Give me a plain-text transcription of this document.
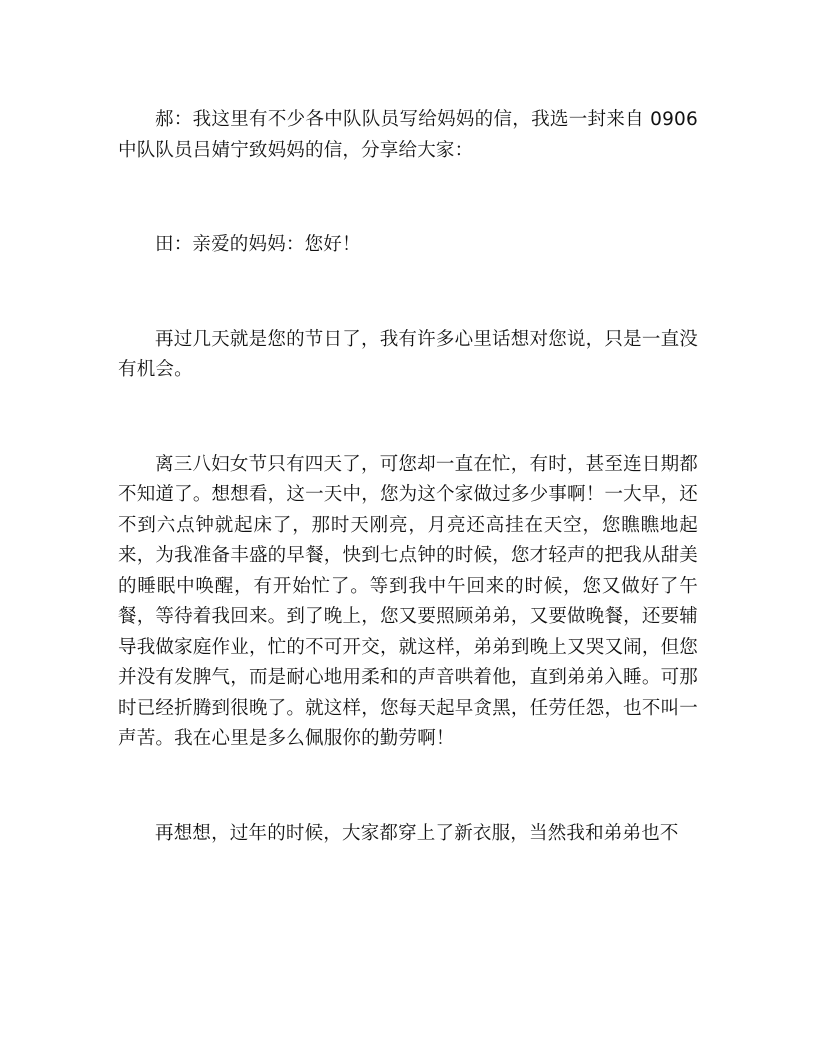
郝：我这里有不少各中队队员写给妈妈的信，我选一封来自 0906 中队队员吕婧宁致妈妈的信，分享给大家：

田：亲爱的妈妈：您好！

再过几天就是您的节日了，我有许多心里话想对您说，只是一直没有机会。

离三八妇女节只有四天了，可您却一直在忙，有时，甚至连日期都不知道了。想想看，这一天中，您为这个家做过多少事啊！一大早，还不到六点钟就起床了，那时天刚亮，月亮还高挂在天空，您瞧瞧地起来，为我准备丰盛的早餐，快到七点钟的时候，您才轻声的把我从甜美的睡眠中唤醒，有开始忙了。等到我中午回来的时候，您又做好了午餐，等待着我回来。到了晚上，您又要照顾弟弟，又要做晚餐，还要辅导我做家庭作业，忙的不可开交，就这样，弟弟到晚上又哭又闹，但您并没有发脾气，而是耐心地用柔和的声音哄着他，直到弟弟入睡。可那时已经折腾到很晚了。就这样，您每天起早贪黑，任劳任怨，也不叫一声苦。我在心里是多么佩服你的勤劳啊！

再想想，过年的时候，大家都穿上了新衣服，当然我和弟弟也不
